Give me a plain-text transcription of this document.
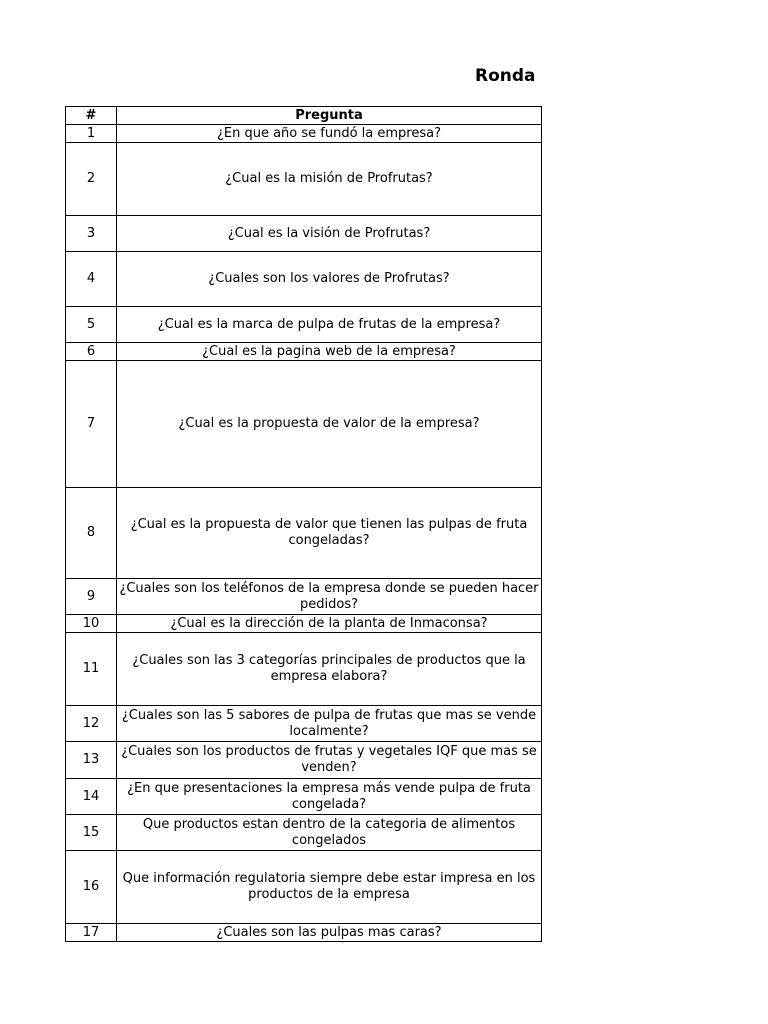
Ronda
#	Pregunta
1	¿En que año se fundó la empresa?
2	¿Cual es la misión de Profrutas?
3	¿Cual es la visión de Profrutas?
4	¿Cuales son los valores de Profrutas?
5	¿Cual es la marca de pulpa de frutas de la empresa?
6	¿Cual es la pagina web de la empresa?
7	¿Cual es la propuesta de valor de la empresa?
8	¿Cual es la propuesta de valor que tienen las pulpas de fruta congeladas?
9	¿Cuales son los teléfonos de la empresa donde se pueden hacer pedidos?
10	¿Cual es la dirección de la planta de Inmaconsa?
11	¿Cuales son las 3 categorías principales de productos que la empresa elabora?
12	¿Cuales son las 5 sabores de pulpa de frutas que mas se vende localmente?
13	¿Cuales son los productos de frutas y vegetales IQF que mas se venden?
14	¿En que presentaciones la empresa más vende pulpa de fruta congelada?
15	Que productos estan dentro de la categoria de alimentos congelados
16	Que información regulatoria siempre debe estar impresa en los productos de la empresa
17	¿Cuales son las pulpas mas caras?
